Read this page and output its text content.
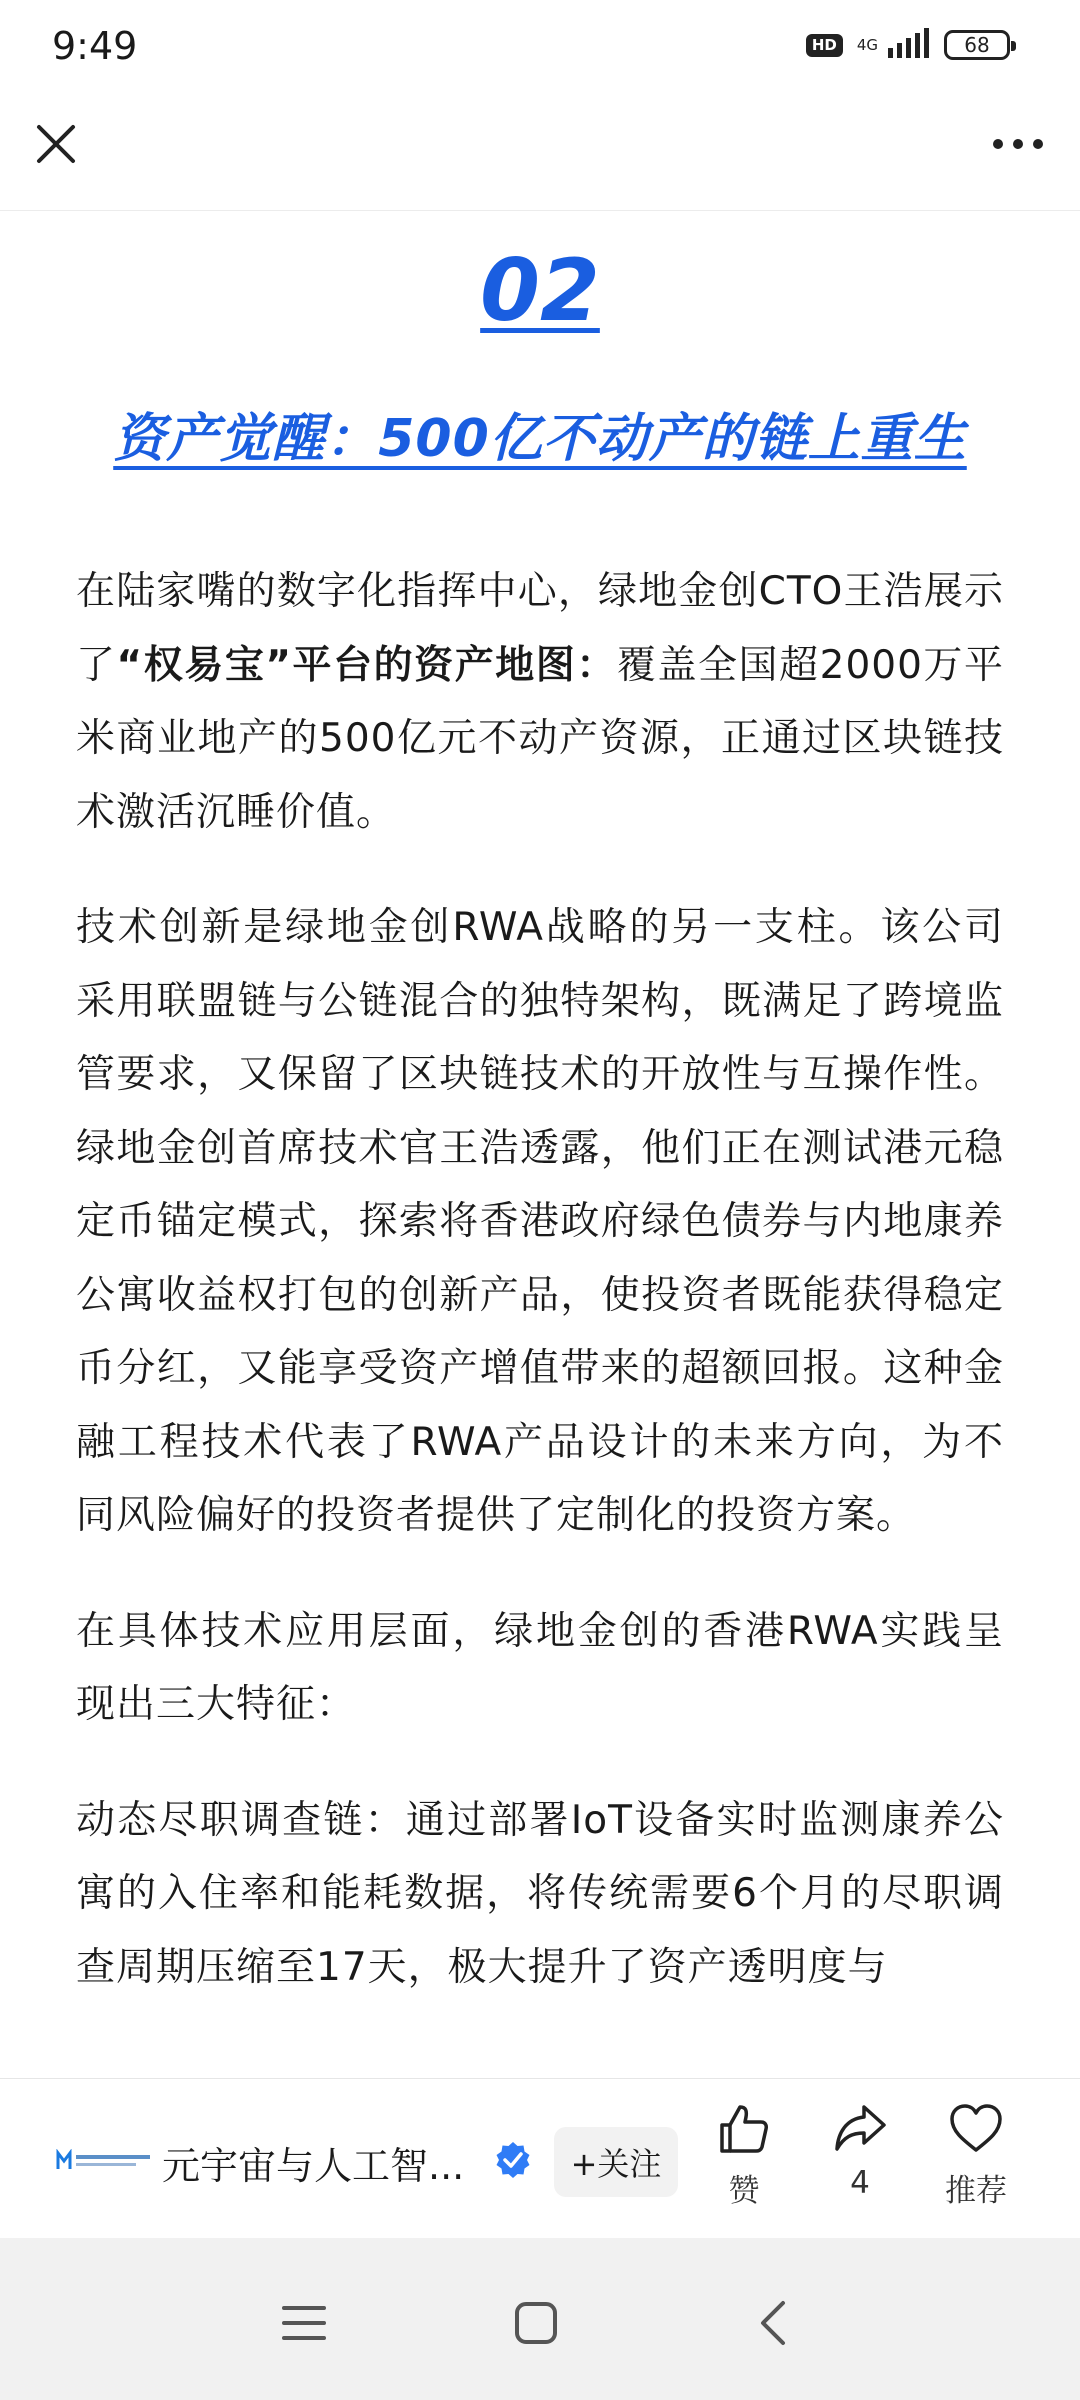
9:49	HD	4G	68
02
资产觉醒：500亿不动产的链上重生

在陆家嘴的数字化指挥中心，绿地金创CTO王浩展示了“权易宝”平台的资产地图：覆盖全国超2000万平米商业地产的500亿元不动产资源，正通过区块链技术激活沉睡价值。

技术创新是绿地金创RWA战略的另一支柱。该公司采用联盟链与公链混合的独特架构，既满足了跨境监管要求，又保留了区块链技术的开放性与互操作性。绿地金创首席技术官王浩透露，他们正在测试港元稳定币锚定模式，探索将香港政府绿色债券与内地康养公寓收益权打包的创新产品，使投资者既能获得稳定币分红，又能享受资产增值带来的超额回报。这种金融工程技术代表了RWA产品设计的未来方向，为不同风险偏好的投资者提供了定制化的投资方案。

在具体技术应用层面，绿地金创的香港RWA实践呈现出三大特征：

动态尽职调查链：通过部署IoT设备实时监测康养公寓的入住率和能耗数据，将传统需要6个月的尽职调查周期压缩至17天，极大提升了资产透明度与

元宇宙与人工智...	+关注
赞	4 推荐
